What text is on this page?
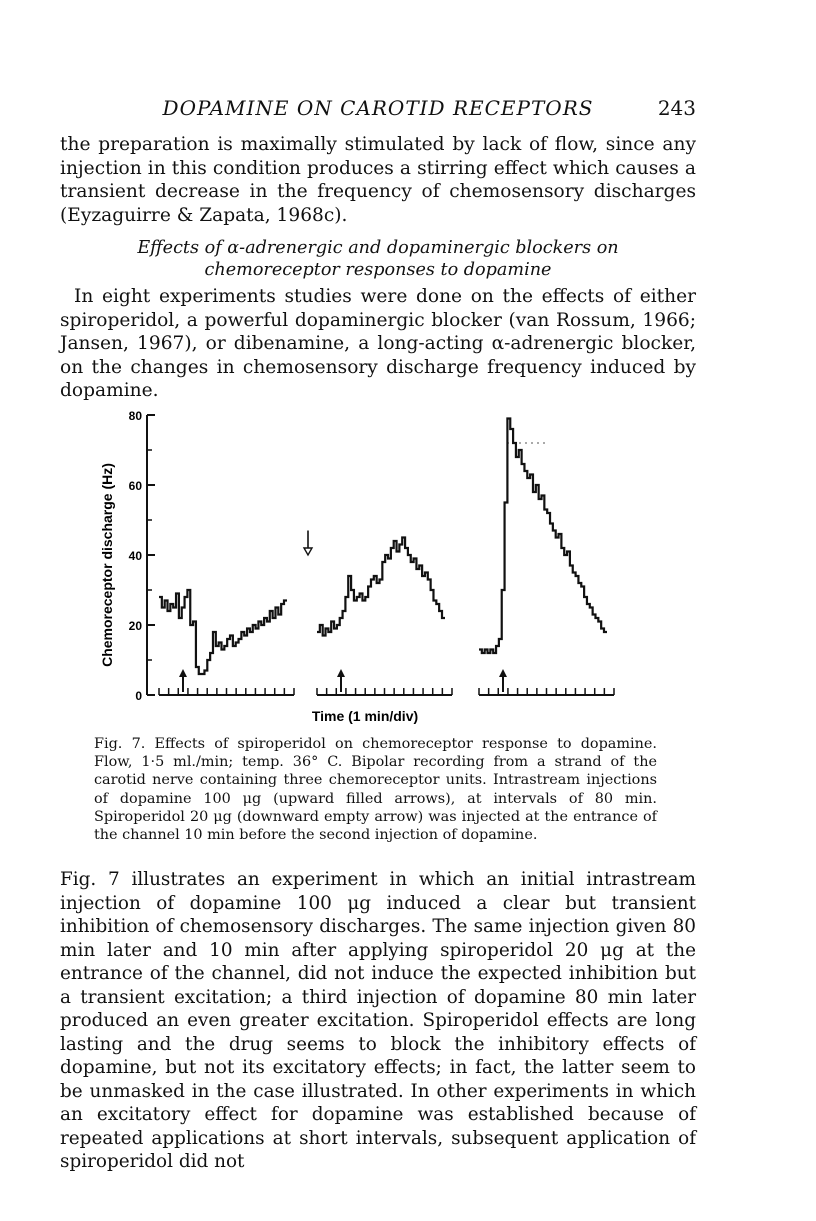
DOPAMINE ON CAROTID RECEPTORS	243

the preparation is maximally stimulated by lack of flow, since any injection in this condition produces a stirring effect which causes a transient decrease in the frequency of chemosensory discharges (Eyzaguirre & Zapata, 1968c).

Effects of α-adrenergic and dopaminergic blockers on
chemoreceptor responses to dopamine

In eight experiments studies were done on the effects of either spiroperidol, a powerful dopaminergic blocker (van Rossum, 1966; Jansen, 1967), or dibenamine, a long-acting α-adrenergic blocker, on the changes in chemosensory discharge frequency induced by dopamine.

0
20
40
60
80
Chemoreceptor discharge (Hz)
Time (1 min/div)
Fig. 7. Effects of spiroperidol on chemoreceptor response to dopamine. Flow, 1·5 ml./min; temp. 36° C. Bipolar recording from a strand of the carotid nerve containing three chemoreceptor units. Intrastream injections of dopamine 100 μg (upward filled arrows), at intervals of 80 min. Spiroperidol 20 μg (downward empty arrow) was injected at the entrance of the channel 10 min before the second injection of dopamine.

Fig. 7 illustrates an experiment in which an initial intrastream injection of dopamine 100 μg induced a clear but transient inhibition of chemosensory discharges. The same injection given 80 min later and 10 min after applying spiroperidol 20 μg at the entrance of the channel, did not induce the expected inhibition but a transient excitation; a third injection of dopamine 80 min later produced an even greater excitation. Spiroperidol effects are long lasting and the drug seems to block the inhibitory effects of dopamine, but not its excitatory effects; in fact, the latter seem to be unmasked in the case illustrated. In other experiments in which an excitatory effect for dopamine was established because of repeated applications at short intervals, subsequent application of spiroperidol did not
